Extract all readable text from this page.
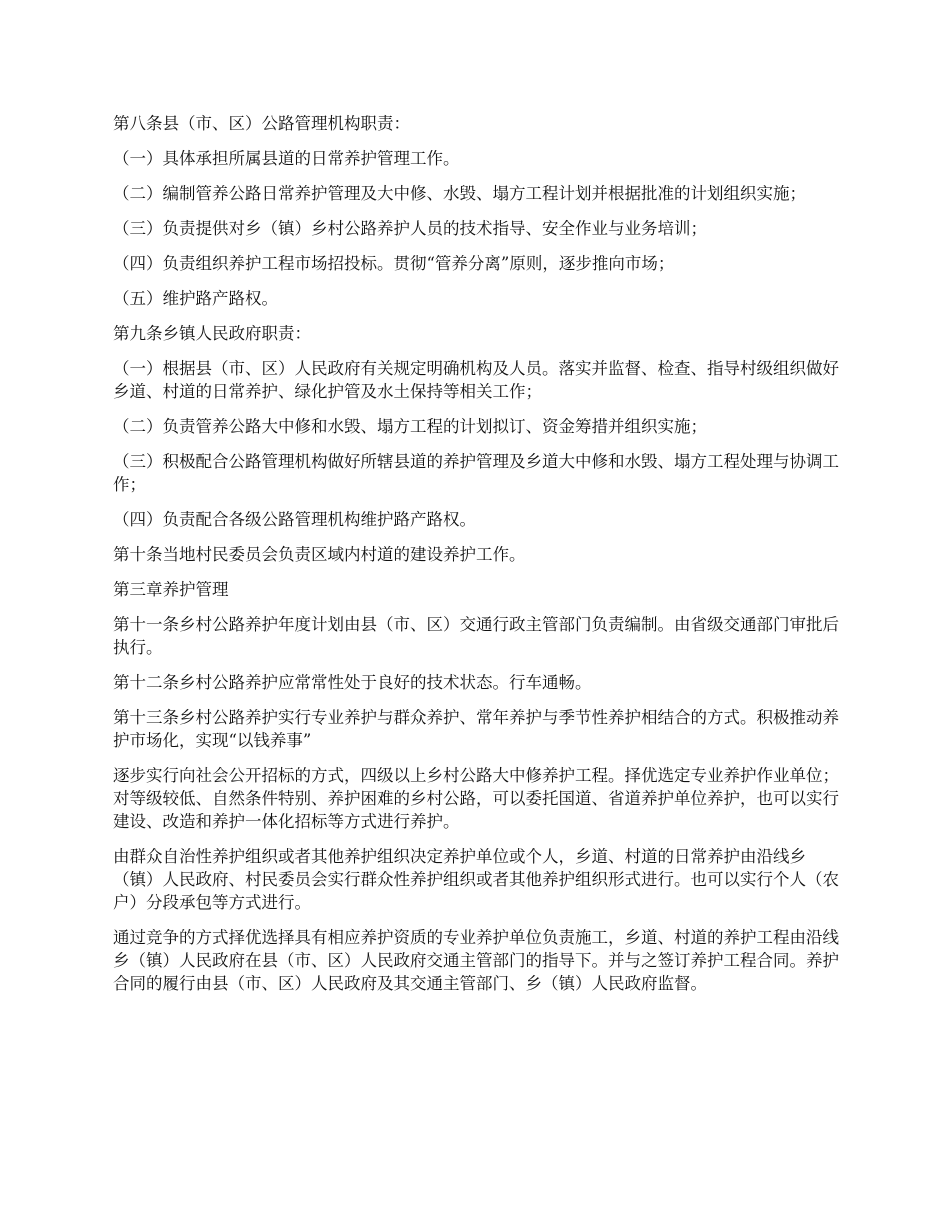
第八条县（市、区）公路管理机构职责：

（一）具体承担所属县道的日常养护管理工作。

（二）编制管养公路日常养护管理及大中修、水毁、塌方工程计划并根据批准的计划组织实施；

（三）负责提供对乡（镇）乡村公路养护人员的技术指导、安全作业与业务培训；

（四）负责组织养护工程市场招投标。贯彻“管养分离”原则，逐步推向市场；

（五）维护路产路权。

第九条乡镇人民政府职责：

（一）根据县（市、区）人民政府有关规定明确机构及人员。落实并监督、检查、指导村级组织做好乡道、村道的日常养护、绿化护管及水土保持等相关工作；

（二）负责管养公路大中修和水毁、塌方工程的计划拟订、资金筹措并组织实施；

（三）积极配合公路管理机构做好所辖县道的养护管理及乡道大中修和水毁、塌方工程处理与协调工作；

（四）负责配合各级公路管理机构维护路产路权。

第十条当地村民委员会负责区域内村道的建设养护工作。

第三章养护管理

第十一条乡村公路养护年度计划由县（市、区）交通行政主管部门负责编制。由省级交通部门审批后执行。

第十二条乡村公路养护应常常性处于良好的技术状态。行车通畅。

第十三条乡村公路养护实行专业养护与群众养护、常年养护与季节性养护相结合的方式。积极推动养护市场化，实现“以钱养事”

逐步实行向社会公开招标的方式，四级以上乡村公路大中修养护工程。择优选定专业养护作业单位；对等级较低、自然条件特别、养护困难的乡村公路，可以委托国道、省道养护单位养护，也可以实行建设、改造和养护一体化招标等方式进行养护。

由群众自治性养护组织或者其他养护组织决定养护单位或个人，乡道、村道的日常养护由沿线乡（镇）人民政府、村民委员会实行群众性养护组织或者其他养护组织形式进行。也可以实行个人（农户）分段承包等方式进行。

通过竞争的方式择优选择具有相应养护资质的专业养护单位负责施工，乡道、村道的养护工程由沿线乡（镇）人民政府在县（市、区）人民政府交通主管部门的指导下。并与之签订养护工程合同。养护合同的履行由县（市、区）人民政府及其交通主管部门、乡（镇）人民政府监督。
